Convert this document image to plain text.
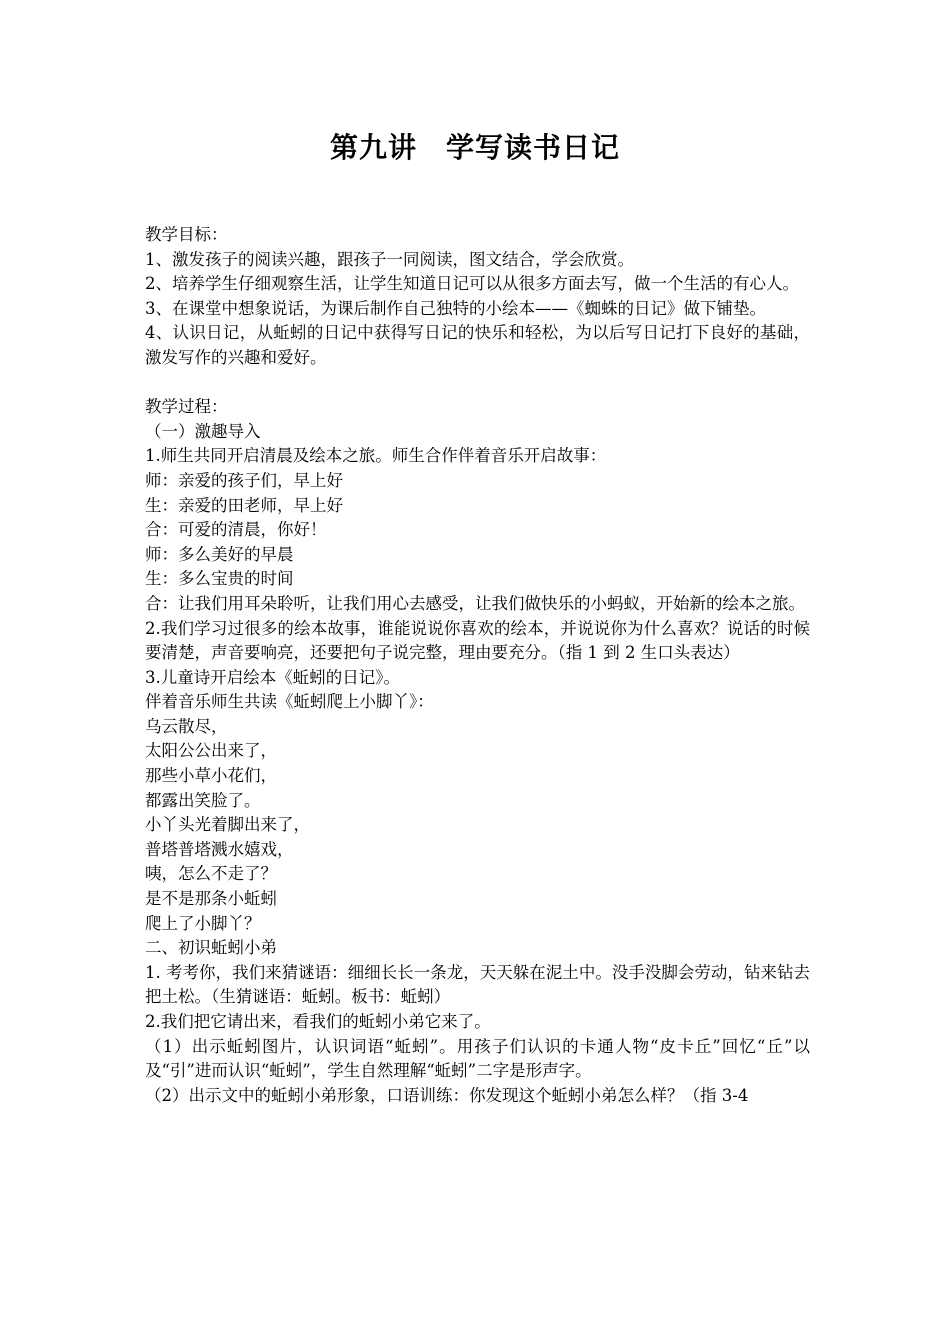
第九讲　学写读书日记

教学目标：

1、激发孩子的阅读兴趣，跟孩子一同阅读，图文结合，学会欣赏。

2、培养学生仔细观察生活，让学生知道日记可以从很多方面去写，做一个生活的有心人。

3、在课堂中想象说话，为课后制作自己独特的小绘本——《蜘蛛的日记》做下铺垫。

4、认识日记，从蚯蚓的日记中获得写日记的快乐和轻松，为以后写日记打下良好的基础，激发写作的兴趣和爱好。

教学过程：

（一）激趣导入

1.师生共同开启清晨及绘本之旅。师生合作伴着音乐开启故事：

师：亲爱的孩子们，早上好

生：亲爱的田老师，早上好

合：可爱的清晨，你好！

师：多么美好的早晨

生：多么宝贵的时间

合：让我们用耳朵聆听，让我们用心去感受，让我们做快乐的小蚂蚁，开始新的绘本之旅。

2.我们学习过很多的绘本故事，谁能说说你喜欢的绘本，并说说你为什么喜欢？说话的时候要清楚，声音要响亮，还要把句子说完整，理由要充分。（指 1 到 2 生口头表达）

3.儿童诗开启绘本《蚯蚓的日记》。

伴着音乐师生共读《蚯蚓爬上小脚丫》：

乌云散尽，

太阳公公出来了，

那些小草小花们，

都露出笑脸了。

小丫头光着脚出来了，

普塔普塔溅水嬉戏，

咦，怎么不走了？

是不是那条小蚯蚓

爬上了小脚丫？

二、初识蚯蚓小弟

1. 考考你，我们来猜谜语：细细长长一条龙，天天躲在泥土中。没手没脚会劳动，钻来钻去把土松。（生猜谜语：蚯蚓。板书：蚯蚓）

2.我们把它请出来，看我们的蚯蚓小弟它来了。

（1）出示蚯蚓图片，认识词语“蚯蚓”。用孩子们认识的卡通人物“皮卡丘”回忆“丘”以及“引”进而认识“蚯蚓”，学生自然理解“蚯蚓”二字是形声字。

（2）出示文中的蚯蚓小弟形象，口语训练：你发现这个蚯蚓小弟怎么样？（指 3-4
